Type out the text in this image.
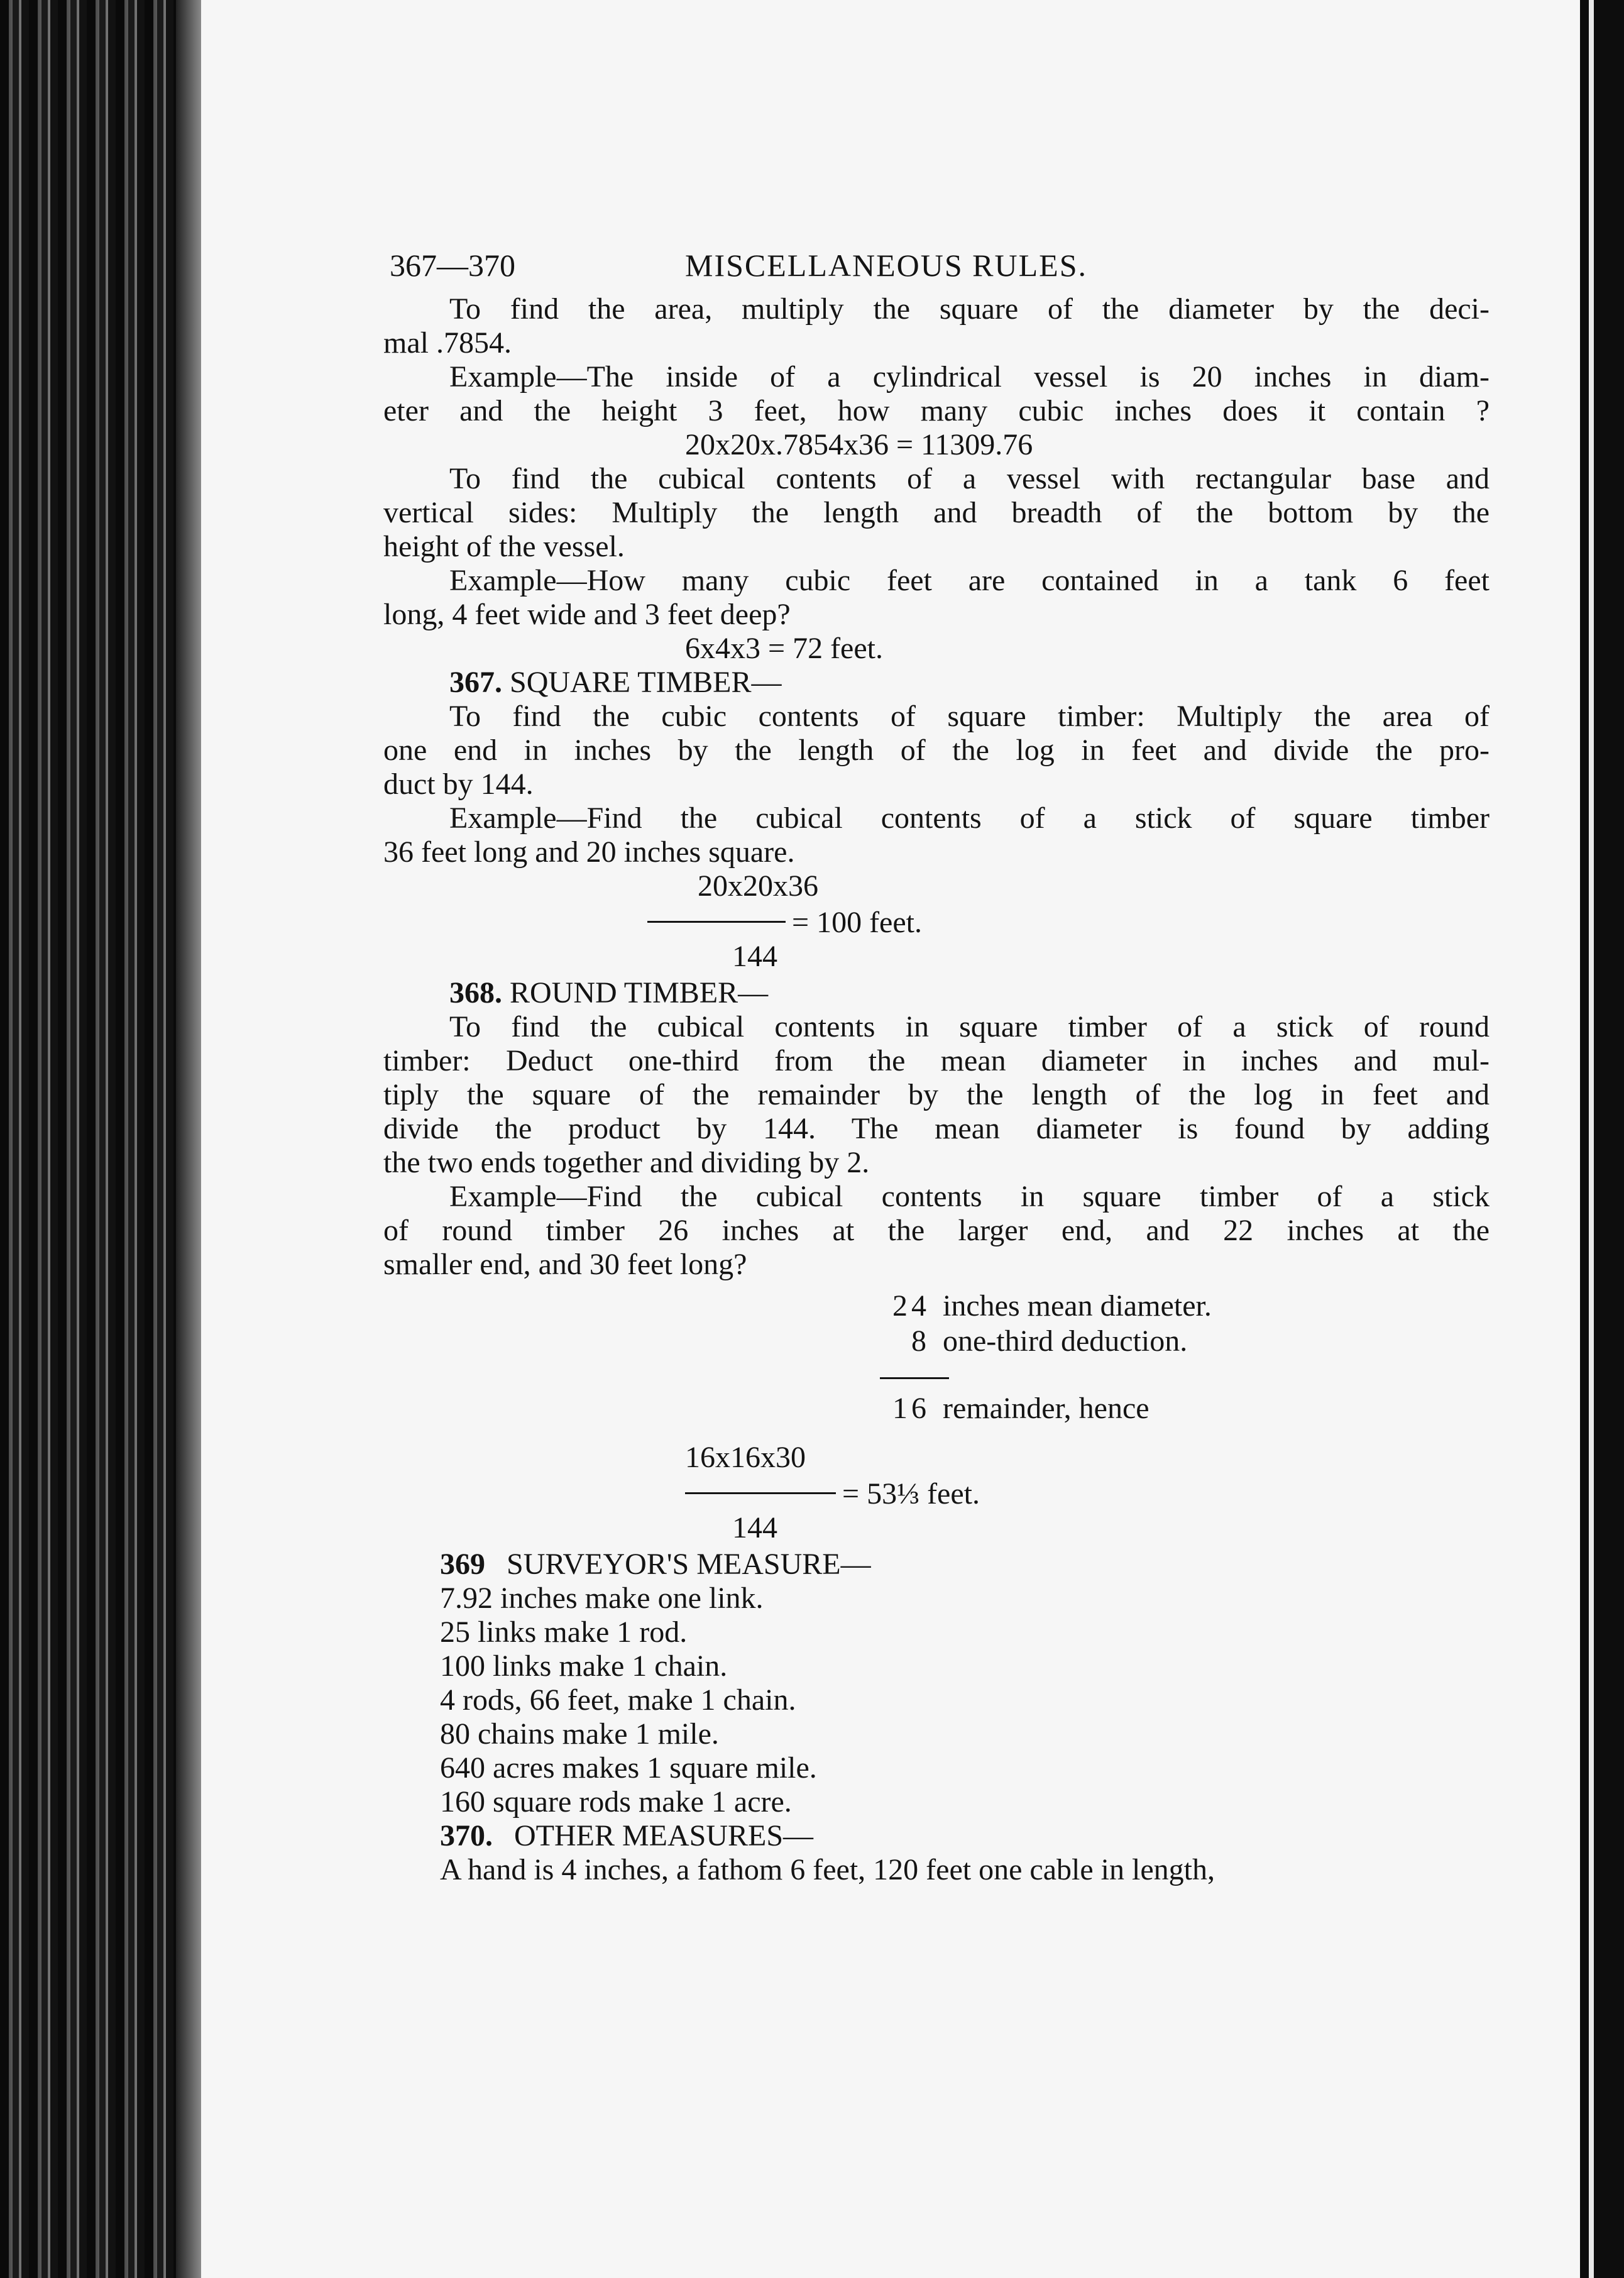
367—370	MISCELLANEOUS RULES.
To find the area, multiply the square of the diameter by the deci-
mal .7854.
Example—The inside of a cylindrical vessel is 20 inches in diam-
eter and the height 3 feet, how many cubic inches does it contain ?
20x20x.7854x36 = 11309.76
To find the cubical contents of a vessel with rectangular base and
vertical sides: Multiply the length and breadth of the bottom by the
height of the vessel.
Example—How many cubic feet are contained in a tank 6 feet
long, 4 feet wide and 3 feet deep?
6x4x3 = 72 feet.
367. SQUARE TIMBER—
To find the cubic contents of square timber: Multiply the area of
one end in inches by the length of the log in feet and divide the pro-
duct by 144.
Example—Find the cubical contents of a stick of square timber
36 feet long and 20 inches square.
20x20x36
= 100 feet.
144
368. ROUND TIMBER—
To find the cubical contents in square timber of a stick of round
timber: Deduct one-third from the mean diameter in inches and mul-
tiply the square of the remainder by the length of the log in feet and
divide the product by 144. The mean diameter is found by adding
the two ends together and dividing by 2.
Example—Find the cubical contents in square timber of a stick
of round timber 26 inches at the larger end, and 22 inches at the
smaller end, and 30 feet long?
24 inches mean diameter.
8 one-third deduction.
16 remainder, hence
16x16x30
= 53⅓ feet.
144
369 SURVEYOR'S MEASURE—
7.92 inches make one link.
25 links make 1 rod.
100 links make 1 chain.
4 rods, 66 feet, make 1 chain.
80 chains make 1 mile.
640 acres makes 1 square mile.
160 square rods make 1 acre.
370. OTHER MEASURES—
A hand is 4 inches, a fathom 6 feet, 120 feet one cable in length,
